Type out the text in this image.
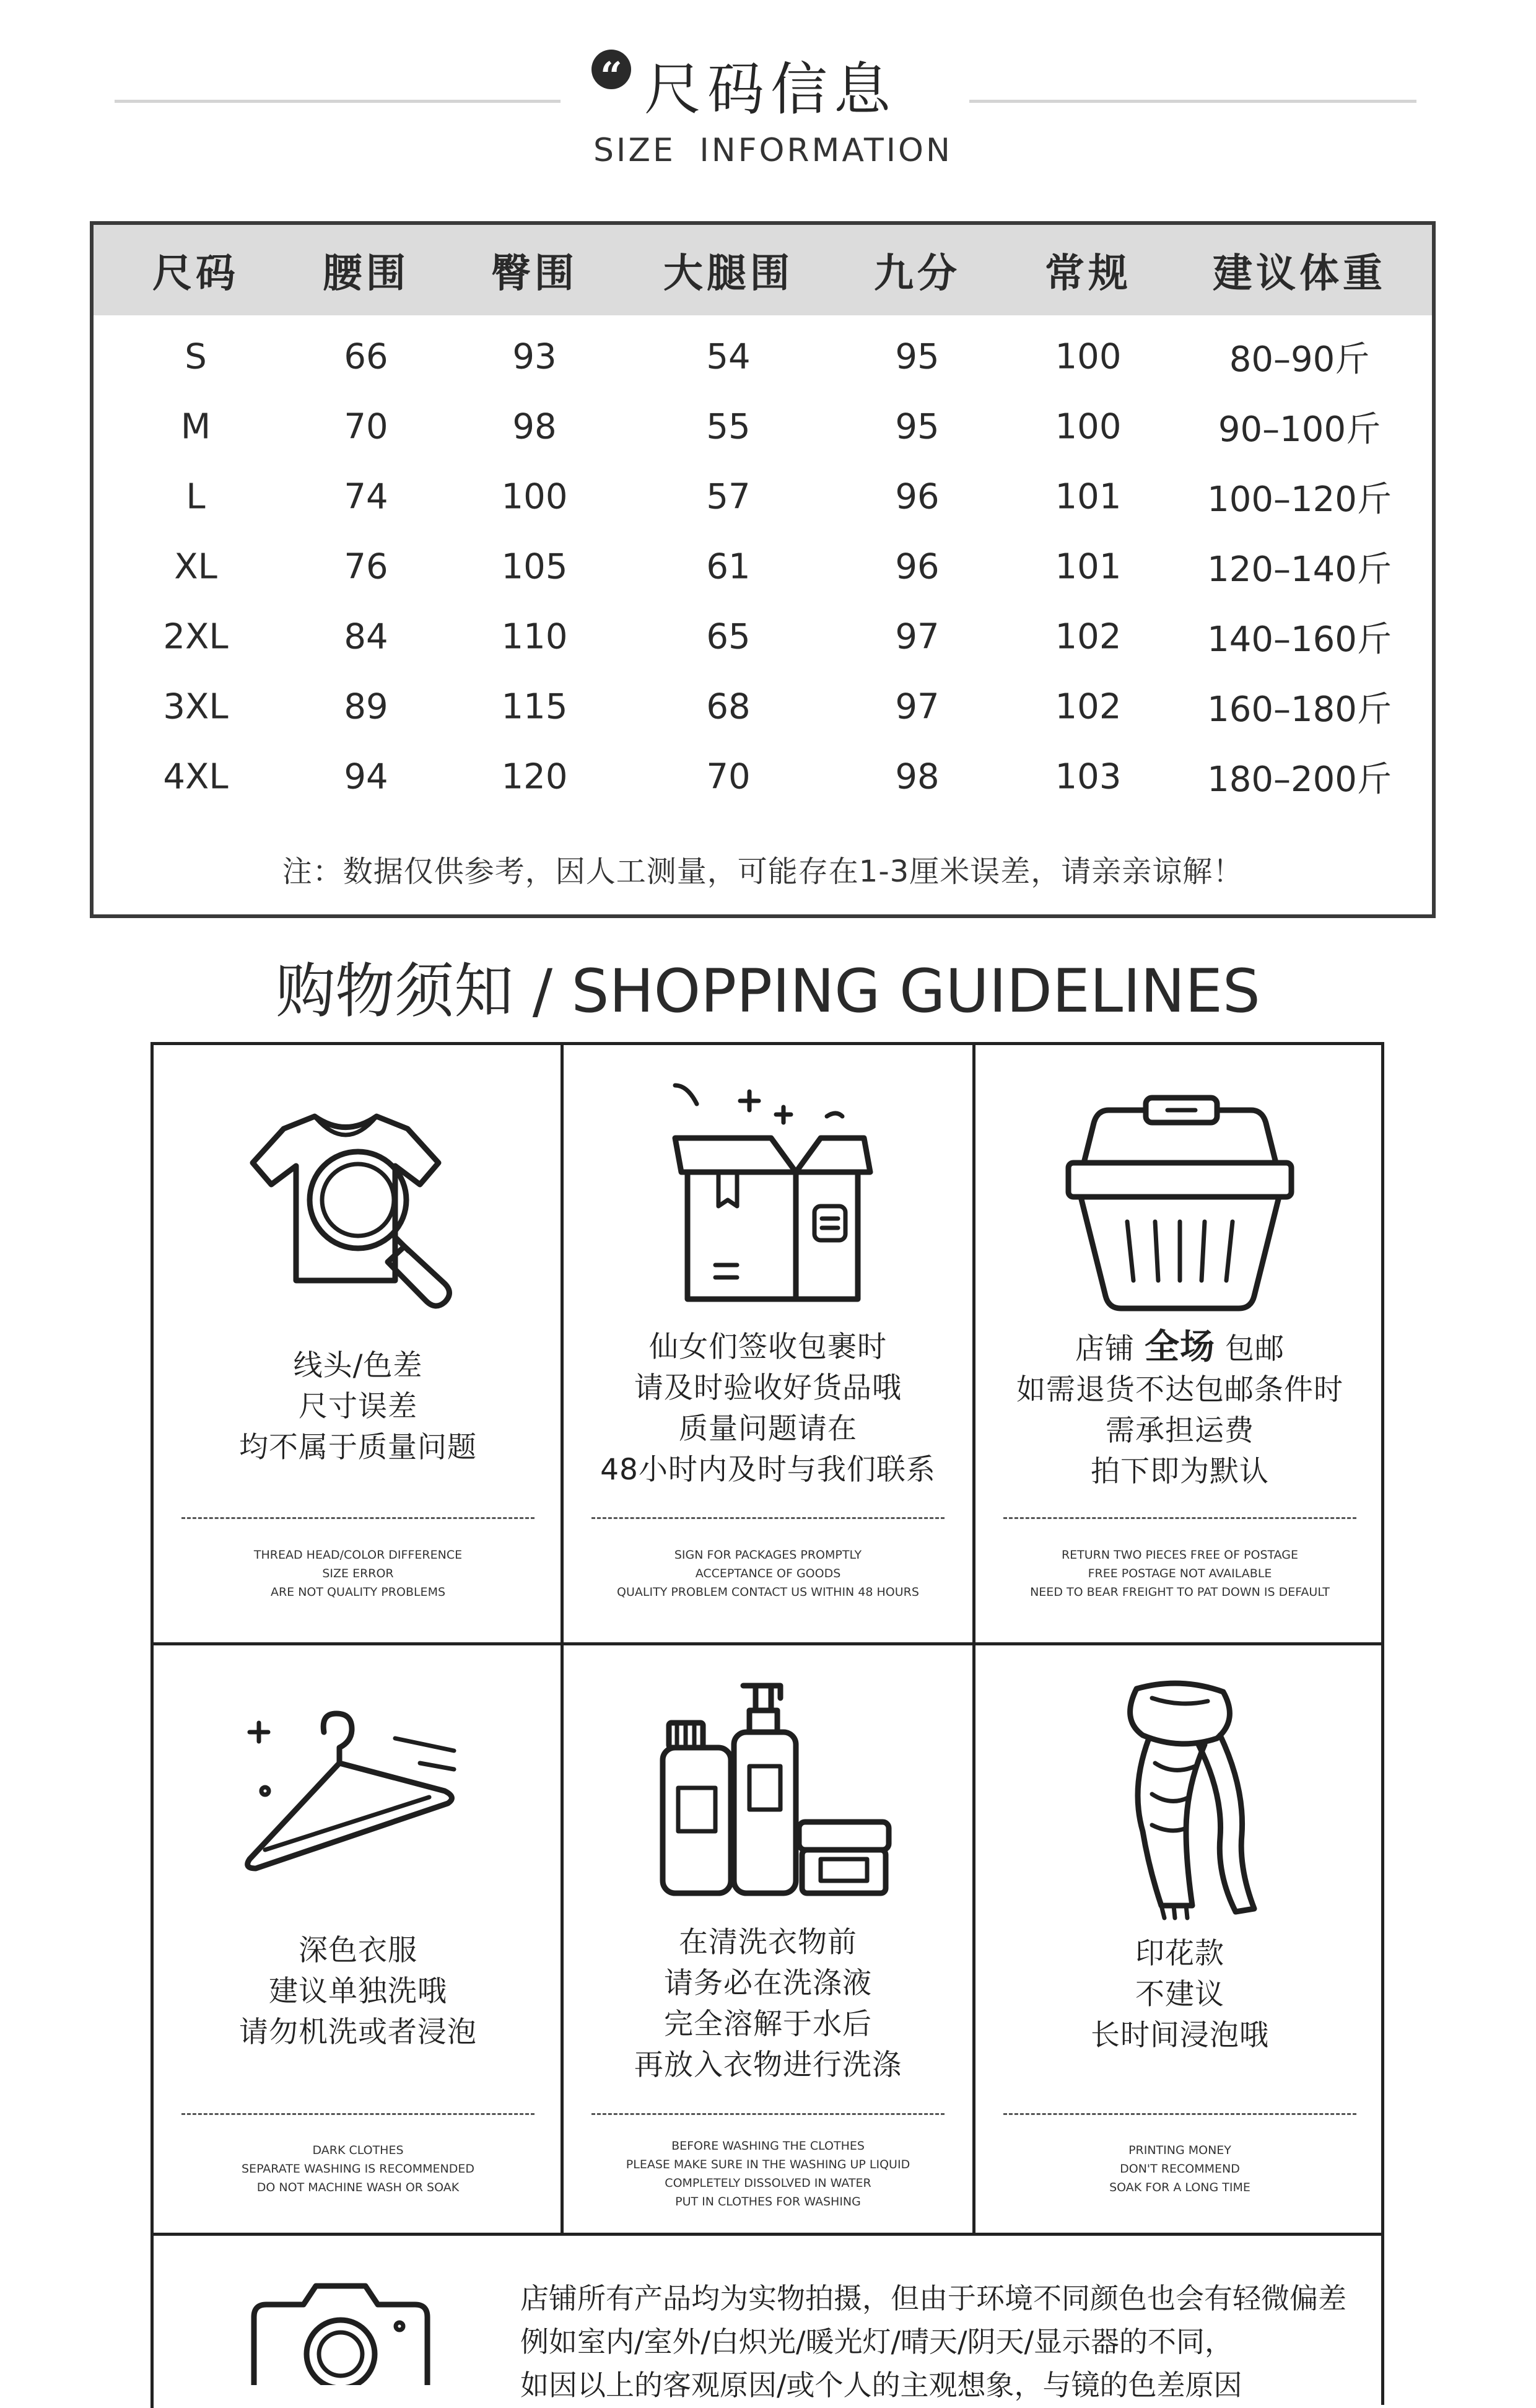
“ 尺码信息
SIZE INFORMATION
尺码 腰围 臀围 大腿围 九分 常规 建议体重
S	66	93	54	95	100	80–90斤
M	70	98	55	95	100	90–100斤
L	74	100	57	96	101 100–120斤
XL	76	105	61	96	101 120–140斤
2XL	84	110	65	97	102 140–160斤
3XL	89	115	68	97	102 160–180斤
4XL	94	120	70	98	103 180–200斤
注：数据仅供参考，因人工测量，可能存在1-3厘米误差，请亲亲谅解！
购物须知 / SHOPPING GUIDELINES
线头/色差
尺寸误差
均不属于质量问题
THREAD HEAD/COLOR DIFFERENCE
SIZE ERROR
ARE NOT QUALITY PROBLEMS
仙女们签收包裹时
请及时验收好货品哦
质量问题请在
48小时内及时与我们联系
SIGN FOR PACKAGES PROMPTLY
ACCEPTANCE OF GOODS
QUALITY PROBLEM CONTACT US WITHIN 48 HOURS
店铺 全场 包邮
如需退货不达包邮条件时
需承担运费
拍下即为默认
RETURN TWO PIECES FREE OF POSTAGE
FREE POSTAGE NOT AVAILABLE
NEED TO BEAR FREIGHT TO PAT DOWN IS DEFAULT
深色衣服
建议单独洗哦
请勿机洗或者浸泡
DARK CLOTHES
SEPARATE WASHING IS RECOMMENDED
DO NOT MACHINE WASH OR SOAK
在清洗衣物前
请务必在洗涤液
完全溶解于水后
再放入衣物进行洗涤
BEFORE WASHING THE CLOTHES
PLEASE MAKE SURE IN THE WASHING UP LIQUID
COMPLETELY DISSOLVED IN WATER
PUT IN CLOTHES FOR WASHING
印花款
不建议
长时间浸泡哦
PRINTING MONEY
DON'T RECOMMEND
SOAK FOR A LONG TIME
店铺所有产品均为实物拍摄，但由于环境不同颜色也会有轻微偏差
例如室内/室外/白炽光/暖光灯/晴天/阴天/显示器的不同，
如因以上的客观原因/或个人的主观想象，与镜的色差原因
